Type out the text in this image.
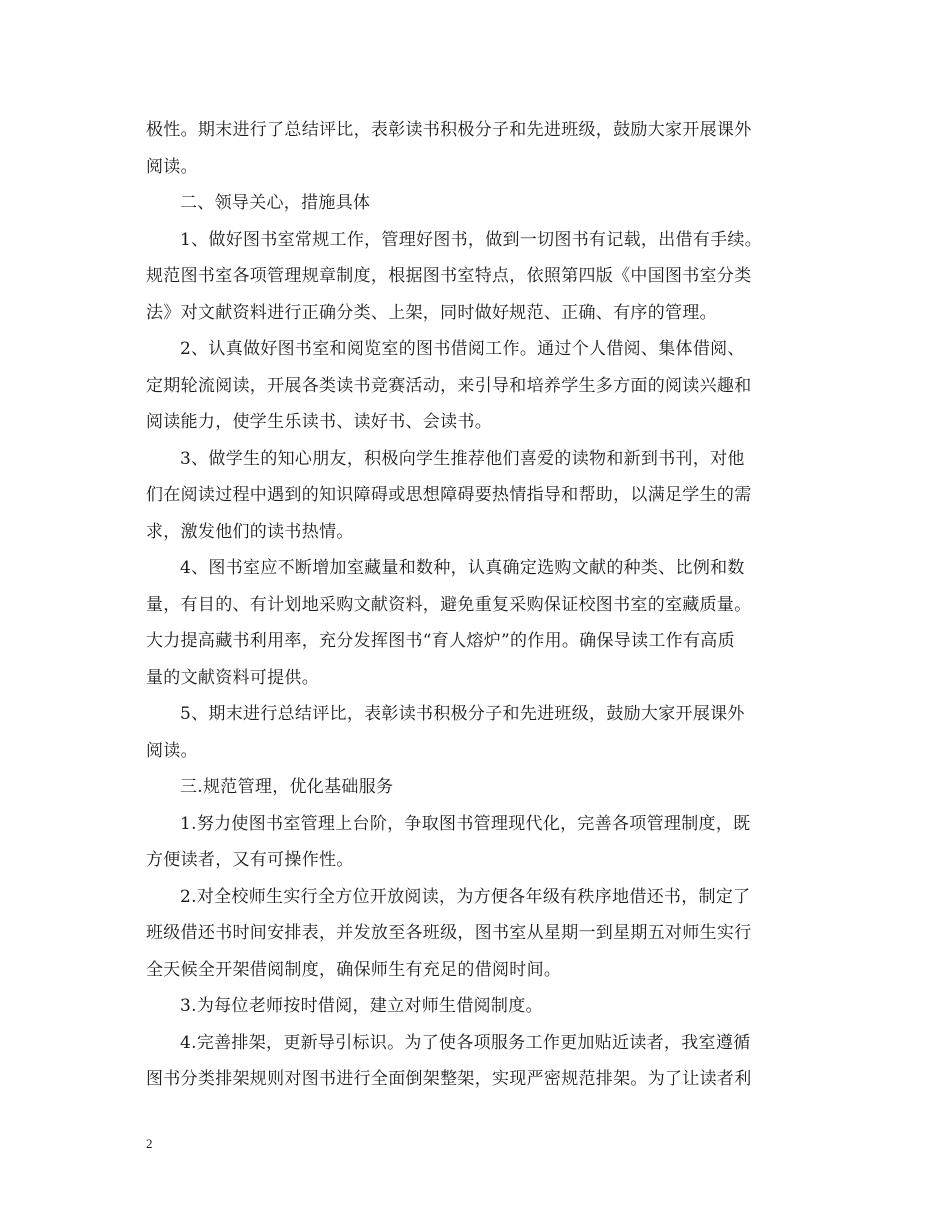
极性。期末进行了总结评比，表彰读书积极分子和先进班级，鼓励大家开展课外
阅读。
二、领导关心，措施具体
1、做好图书室常规工作，管理好图书，做到一切图书有记载，出借有手续。
规范图书室各项管理规章制度，根据图书室特点，依照第四版《中国图书室分类
法》对文献资料进行正确分类、上架，同时做好规范、正确、有序的管理。
2、认真做好图书室和阅览室的图书借阅工作。通过个人借阅、集体借阅、
定期轮流阅读，开展各类读书竞赛活动，来引导和培养学生多方面的阅读兴趣和
阅读能力，使学生乐读书、读好书、会读书。
3、做学生的知心朋友，积极向学生推荐他们喜爱的读物和新到书刊，对他
们在阅读过程中遇到的知识障碍或思想障碍要热情指导和帮助，以满足学生的需
求，激发他们的读书热情。
4、图书室应不断增加室藏量和数种，认真确定选购文献的种类、比例和数
量，有目的、有计划地采购文献资料，避免重复采购保证校图书室的室藏质量。
大力提高藏书利用率，充分发挥图书“育人熔炉”的作用。确保导读工作有高质
量的文献资料可提供。
5、期末进行总结评比，表彰读书积极分子和先进班级，鼓励大家开展课外
阅读。
三.规范管理，优化基础服务
1.努力使图书室管理上台阶，争取图书管理现代化，完善各项管理制度，既
方便读者，又有可操作性。
2.对全校师生实行全方位开放阅读，为方便各年级有秩序地借还书，制定了
班级借还书时间安排表，并发放至各班级，图书室从星期一到星期五对师生实行
全天候全开架借阅制度，确保师生有充足的借阅时间。
3.为每位老师按时借阅，建立对师生借阅制度。
4.完善排架，更新导引标识。为了使各项服务工作更加贴近读者，我室遵循
图书分类排架规则对图书进行全面倒架整架，实现严密规范排架。为了让读者利
2
